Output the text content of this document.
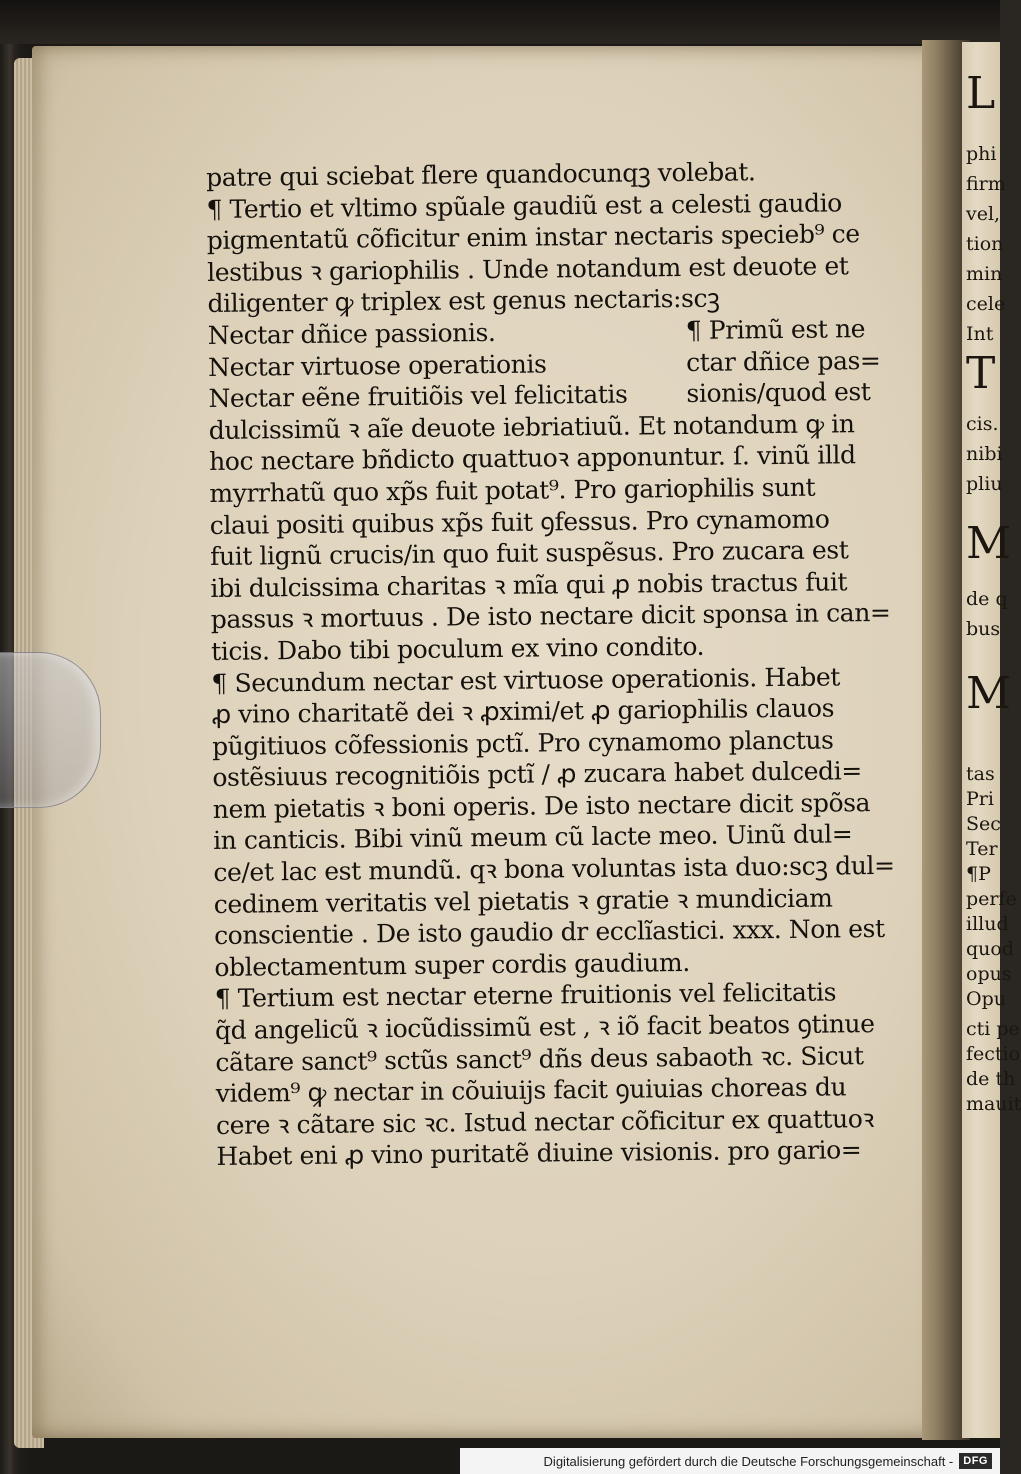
L
phi
firm
vel,
tion
min
cele
Int
T
cis.
nibi
pliu
M
de q
bus
M
tas
Pri
Sec
Ter
¶P
perfe
illud
quod
opus
Opu
cti pe
fectio
de th
mauit
patre qui sciebat flere quandocunqꝫ volebat.
¶ Tertio et vltimo spũale gaudiũ est a celesti gaudio
pigmentatũ cõficitur enim instar nectaris specieb⁹ ce
lestibus ꝛ gariophilis . Unde notandum est deuote et
diligenter ꝙ triplex est genus nectaris:scꝫ
Nectar dñice passionis.
Nectar virtuose operationis
Nectar eẽne fruitiõis vel felicitatis
dulcissimũ ꝛ aĩe deuote iebriatiuũ. Et notandum ꝙ in
hoc nectare bñdicto quattuoꝛ apponuntur. ſ. vinũ illd
myrrhatũ quo xp̃s fuit potat⁹. Pro gariophilis sunt
claui positi quibus xp̃s fuit ꝯfessus. Pro cynamomo
fuit lignũ crucis/in quo fuit suspẽsus. Pro zucara est
ibi dulcissima charitas ꝛ mĩa qui ꝓ nobis tractus fuit
passus ꝛ mortuus . De isto nectare dicit sponsa in can=
ticis. Dabo tibi poculum ex vino condito.
¶ Secundum nectar est virtuose operationis. Habet
ꝓ vino charitatẽ dei ꝛ ꝓximi/et ꝓ gariophilis clauos
pũgitiuos cõfessionis pctĩ. Pro cynamomo planctus
ostẽsiuus recognitiõis pctĩ / ꝓ zucara habet dulcedi=
nem pietatis ꝛ boni operis. De isto nectare dicit spõsa
in canticis. Bibi vinũ meum cũ lacte meo. Uinũ dul=
ce/et lac est mundũ. qꝛ bona voluntas ista duo:scꝫ dul=
cedinem veritatis vel pietatis ꝛ gratie ꝛ mundiciam
conscientie . De isto gaudio dr ecclĩastici. xxx. Non est
oblectamentum super cordis gaudium.
¶ Tertium est nectar eterne fruitionis vel felicitatis
q̃d angelicũ ꝛ iocũdissimũ est , ꝛ iõ facit beatos ꝯtinue
cãtare sanct⁹ sctũs sanct⁹ dñs deus sabaoth ꝛc. Sicut
videm⁹ ꝙ nectar in cõuiuijs facit ꝯuiuias choreas du
cere ꝛ cãtare sic ꝛc. Istud nectar cõficitur ex quattuoꝛ
Habet eni ꝓ vino puritatẽ diuine visionis. pro gario=
¶ Primũ est ne
ctar dñice pas=
sionis/quod est
Digitalisierung gefördert durch die Deutsche Forschungsgemeinschaft - DFG
